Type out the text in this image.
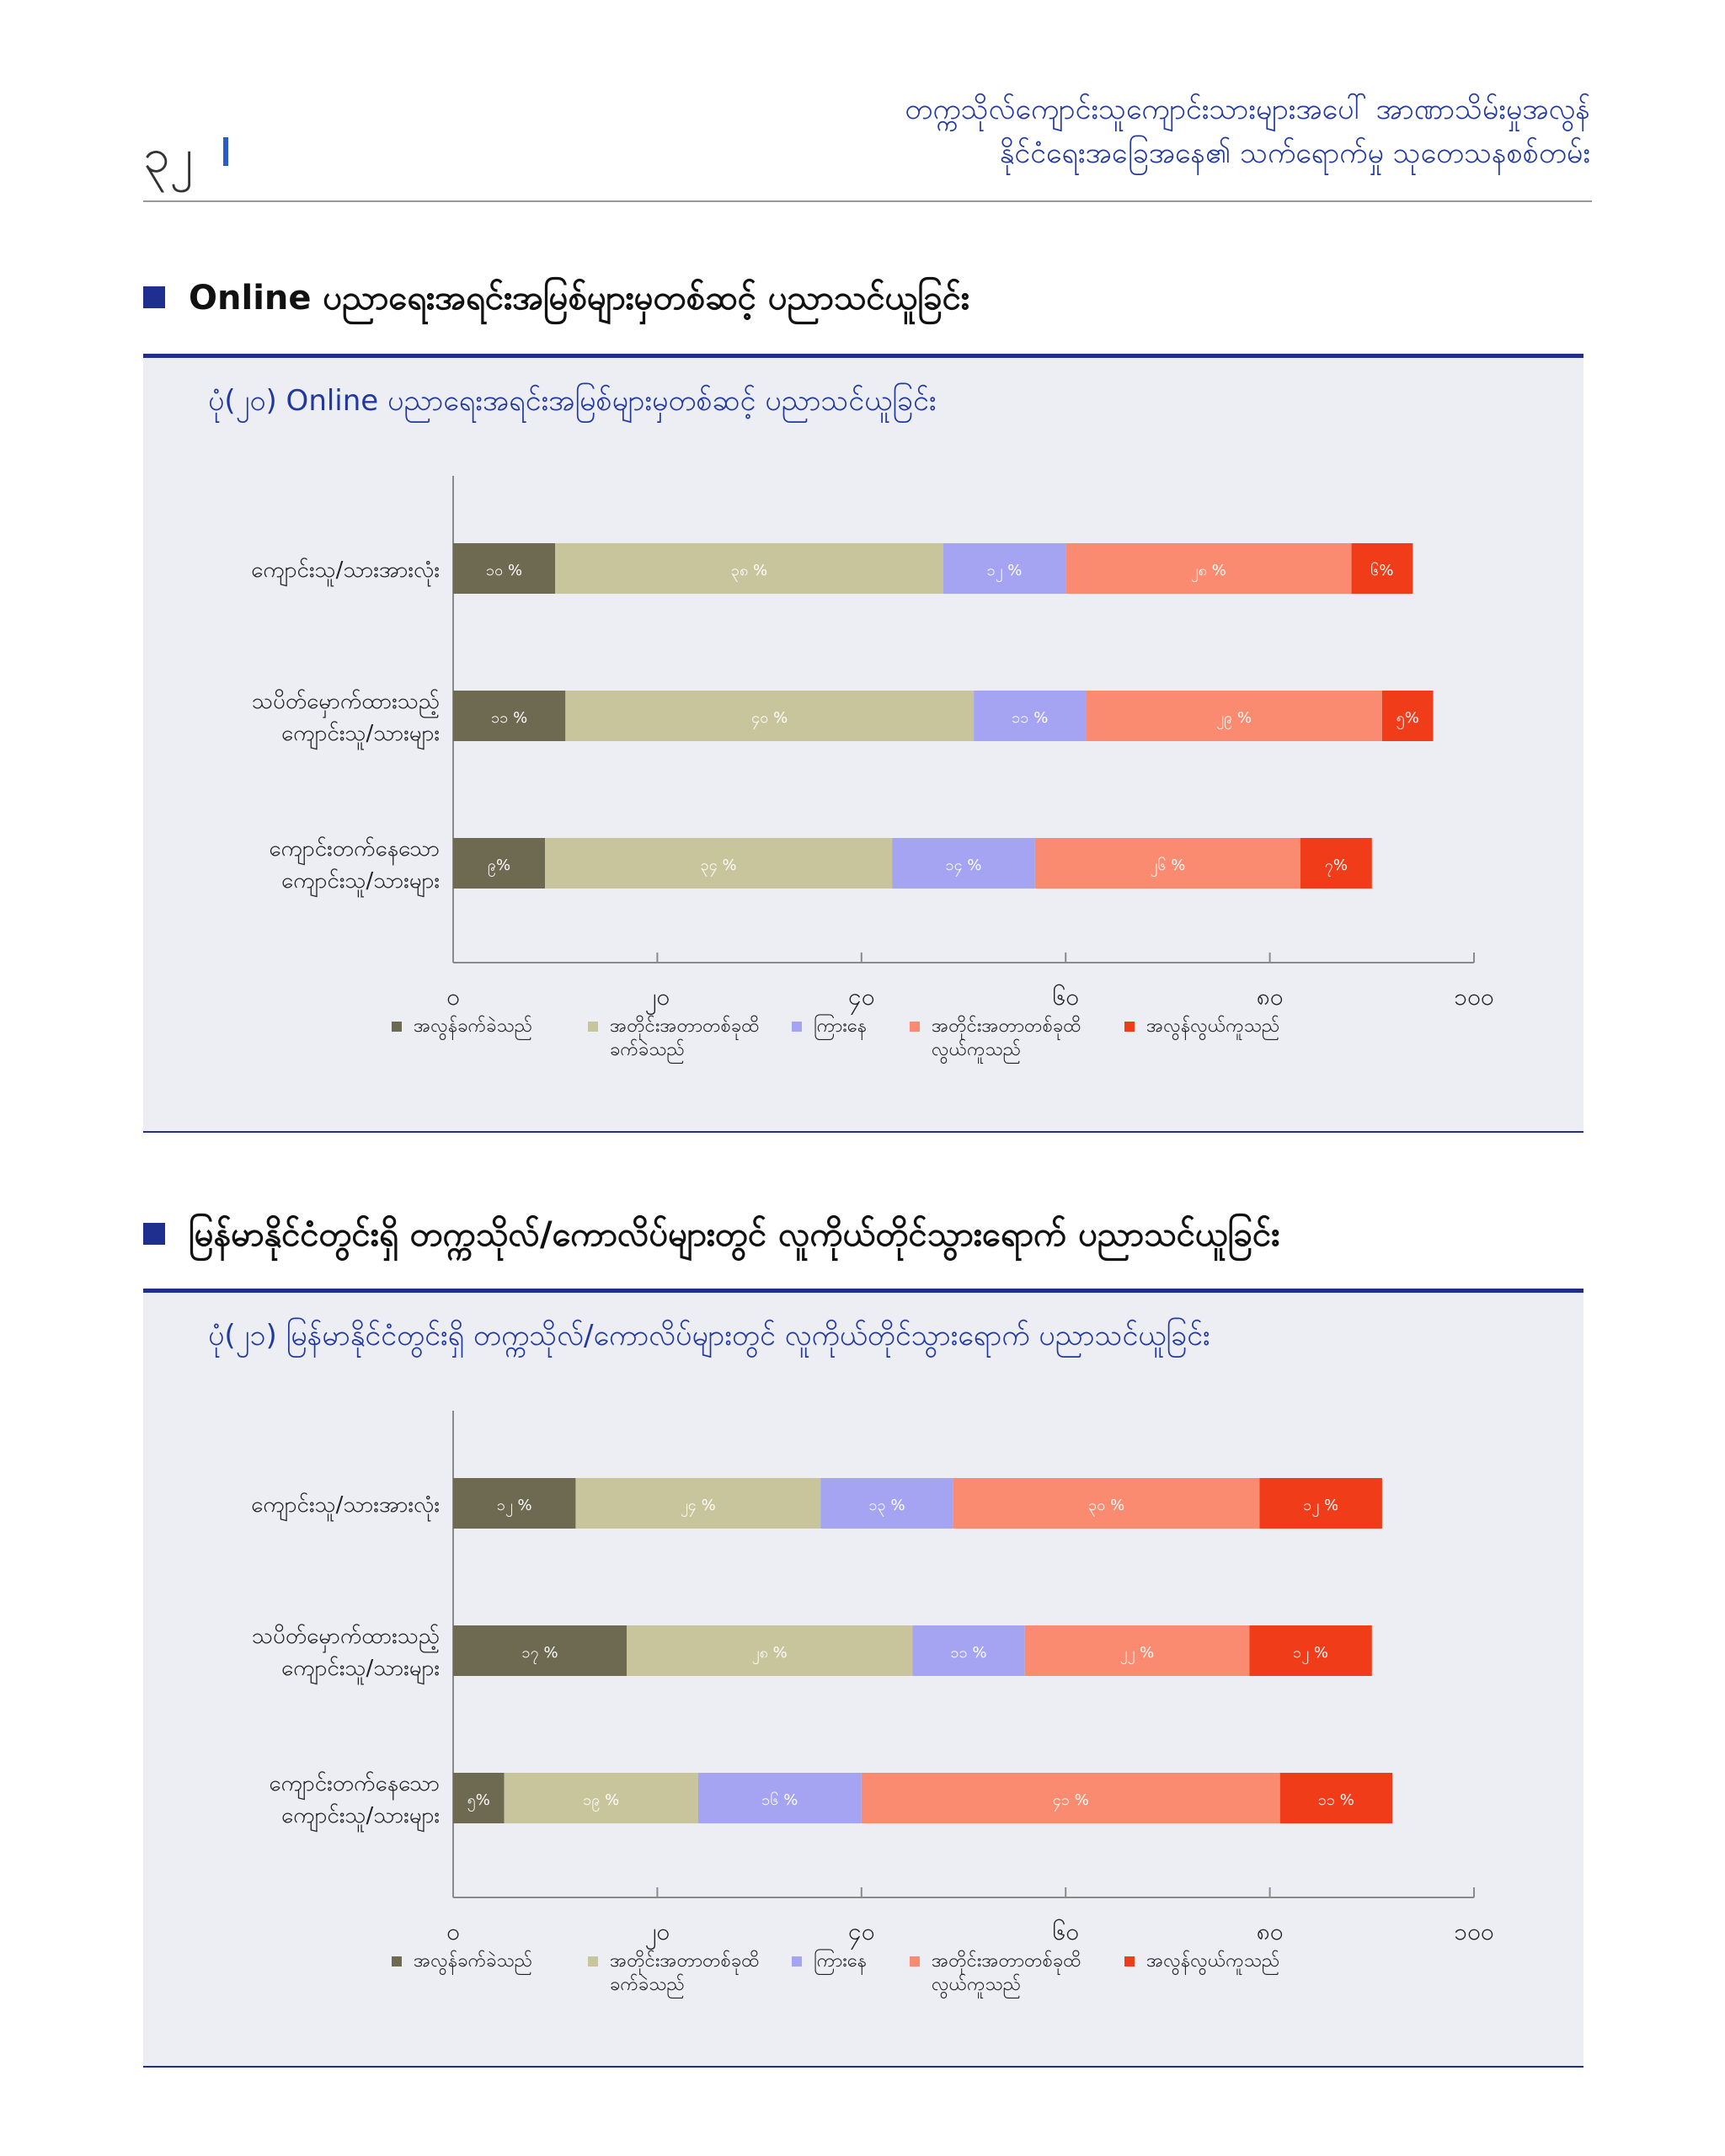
၃၂
တက္ကသိုလ်ကျောင်းသူကျောင်းသားများအပေါ် အာဏာသိမ်းမှုအလွန်
နိုင်ငံရေးအခြေအနေ၏ သက်ရောက်မှု သုတေသနစစ်တမ်း
Online ပညာရေးအရင်းအမြစ်များမှတစ်ဆင့် ပညာသင်ယူခြင်း
ပုံ(၂၀) Online ပညာရေးအရင်းအမြစ်များမှတစ်ဆင့် ပညာသင်ယူခြင်း
၀	၂၀	၄၀	၆၀	၈၀	၁၀၀
ကျောင်းသူ/သားအားလုံး	၁၀ %	၃၈ %	၁၂ %	၂၈ %	၆%
သပိတ်မှောက်ထားသည့်ကျောင်းသူ/သားများ
၁၁ %	၄၀ %	၁၁ %	၂၉ %	၅%
ကျောင်းတက်နေသောကျောင်းသူ/သားများ
၉%	၃၄ %	၁၄ %	၂၆ %	၇%
အလွန်ခက်ခဲသည်	အတိုင်းအတာတစ်ခုထိခက်ခဲသည်
ကြားနေ	အတိုင်းအတာတစ်ခုထိလွယ်ကူသည်
အလွန်လွယ်ကူသည်
မြန်မာနိုင်ငံတွင်းရှိ တက္ကသိုလ်/ကောလိပ်များတွင် လူကိုယ်တိုင်သွားရောက် ပညာသင်ယူခြင်း
ပုံ(၂၁) မြန်မာနိုင်ငံတွင်းရှိ တက္ကသိုလ်/ကောလိပ်များတွင် လူကိုယ်တိုင်သွားရောက် ပညာသင်ယူခြင်း
၀	၂၀	၄၀	၆၀	၈၀	၁၀၀
ကျောင်းသူ/သားအားလုံး	၁၂ %	၂၄ %	၁၃ %	၃၀ %	၁၂ %
သပိတ်မှောက်ထားသည့်ကျောင်းသူ/သားများ
၁၇ %	၂၈ %	၁၁ %	၂၂ %	၁၂ %
ကျောင်းတက်နေသောကျောင်းသူ/သားများ
၅%	၁၉ %	၁၆ %	၄၁ %	၁၁ %
အလွန်ခက်ခဲသည်	အတိုင်းအတာတစ်ခုထိခက်ခဲသည်
ကြားနေ	အတိုင်းအတာတစ်ခုထိလွယ်ကူသည်
အလွန်လွယ်ကူသည်
